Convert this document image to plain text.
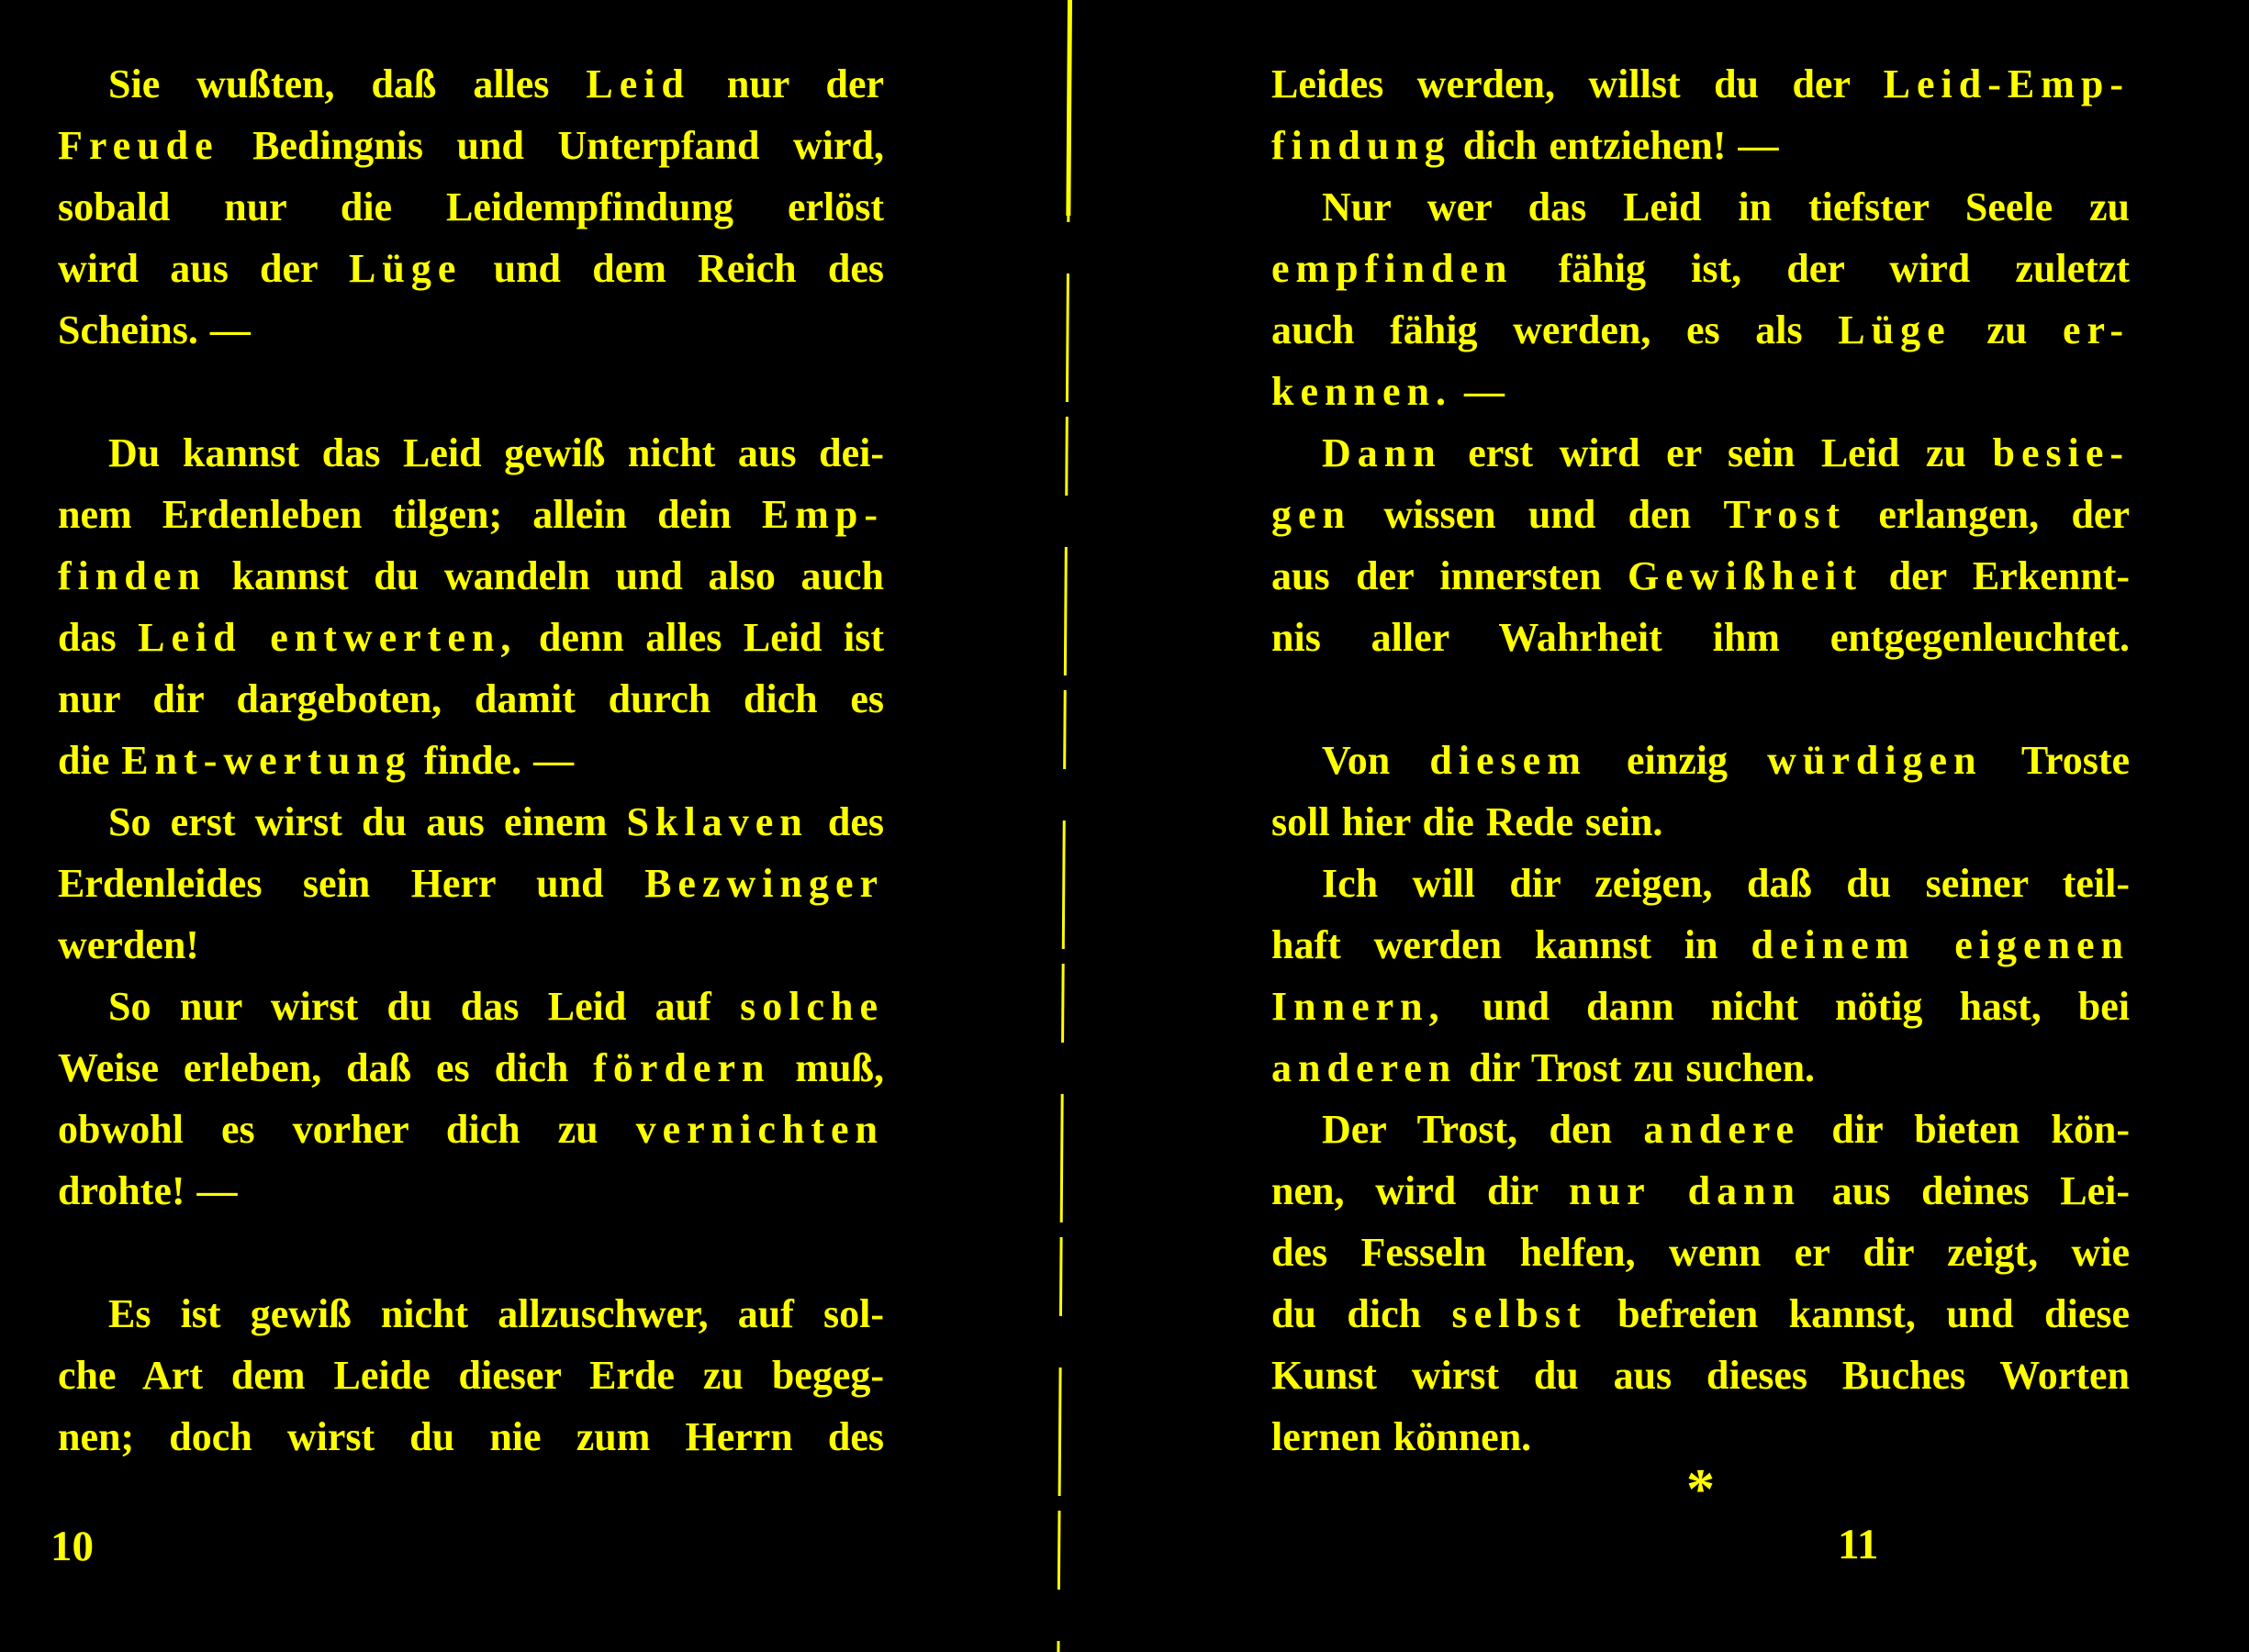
Sie wußten, daß alles Leid nur der
Freude Bedingnis und Unterpfand wird,
sobald nur die Leidempfindung erlöst
wird aus der Lüge und dem Reich des
Scheins. —
Du kannst das Leid gewiß nicht aus dei-
nem Erdenleben tilgen; allein dein Emp-
finden kannst du wandeln und also auch
das Leid entwerten, denn alles Leid ist
nur dir dargeboten, damit durch dich es
die Ent-wertung finde. —
So erst wirst du aus einem Sklaven des
Erdenleides sein Herr und Bezwinger
werden!
So nur wirst du das Leid auf solche
Weise erleben, daß es dich fördern muß,
obwohl es vorher dich zu vernichten
drohte! —
Es ist gewiß nicht allzuschwer, auf sol-
che Art dem Leide dieser Erde zu begeg-
nen; doch wirst du nie zum Herrn des
Leides werden, willst du der Leid-Emp-
findung dich entziehen! —
Nur wer das Leid in tiefster Seele zu
empfinden fähig ist, der wird zuletzt
auch fähig werden, es als Lüge zu er-
kennen. —
Dann erst wird er sein Leid zu besie-
gen wissen und den Trost erlangen, der
aus der innersten Gewißheit der Erkennt-
nis aller Wahrheit ihm entgegenleuchtet.
Von diesem einzig würdigen Troste
soll hier die Rede sein.
Ich will dir zeigen, daß du seiner teil-
haft werden kannst in deinem eigenen
Innern, und dann nicht nötig hast, bei
anderen dir Trost zu suchen.
Der Trost, den andere dir bieten kön-
nen, wird dir nur dann aus deines Lei-
des Fesseln helfen, wenn er dir zeigt, wie
du dich selbst befreien kannst, und diese
Kunst wirst du aus dieses Buches Worten
lernen können.
*
10	11
